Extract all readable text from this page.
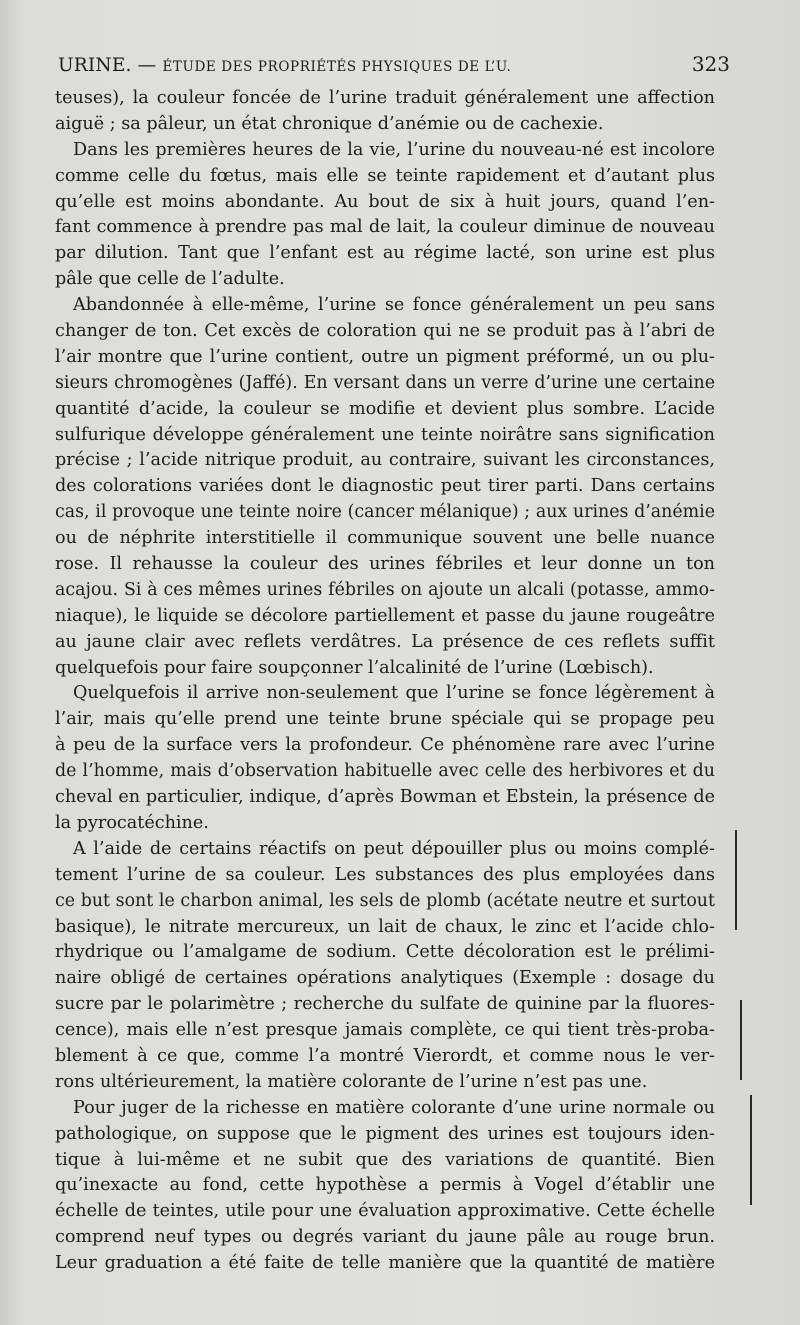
URINE. — ÉTUDE DES PROPRIÉTÉS PHYSIQUES DE L’U.	323
teuses), la couleur foncée de l’urine traduit généralement une affection
aiguë ; sa pâleur, un état chronique d’anémie ou de cachexie.
Dans les premières heures de la vie, l’urine du nouveau-né est incolore
comme celle du fœtus, mais elle se teinte rapidement et d’autant plus
qu’elle est moins abondante. Au bout de six à huit jours, quand l’en-
fant commence à prendre pas mal de lait, la couleur diminue de nouveau
par dilution. Tant que l’enfant est au régime lacté, son urine est plus
pâle que celle de l’adulte.
Abandonnée à elle-même, l’urine se fonce généralement un peu sans
changer de ton. Cet excès de coloration qui ne se produit pas à l’abri de
l’air montre que l’urine contient, outre un pigment préformé, un ou plu-
sieurs chromogènes (Jaffé). En versant dans un verre d’urine une certaine
quantité d’acide, la couleur se modifie et devient plus sombre. L’acide
sulfurique développe généralement une teinte noirâtre sans signification
précise ; l’acide nitrique produit, au contraire, suivant les circonstances,
des colorations variées dont le diagnostic peut tirer parti. Dans certains
cas, il provoque une teinte noire (cancer mélanique) ; aux urines d’anémie
ou de néphrite interstitielle il communique souvent une belle nuance
rose. Il rehausse la couleur des urines fébriles et leur donne un ton
acajou. Si à ces mêmes urines fébriles on ajoute un alcali (potasse, ammo-
niaque), le liquide se décolore partiellement et passe du jaune rougeâtre
au jaune clair avec reflets verdâtres. La présence de ces reflets suffit
quelquefois pour faire soupçonner l’alcalinité de l’urine (Lœbisch).
Quelquefois il arrive non-seulement que l’urine se fonce légèrement à
l’air, mais qu’elle prend une teinte brune spéciale qui se propage peu
à peu de la surface vers la profondeur. Ce phénomène rare avec l’urine
de l’homme, mais d’observation habituelle avec celle des herbivores et du
cheval en particulier, indique, d’après Bowman et Ebstein, la présence de
la pyrocatéchine.
A l’aide de certains réactifs on peut dépouiller plus ou moins complé-
tement l’urine de sa couleur. Les substances des plus employées dans
ce but sont le charbon animal, les sels de plomb (acétate neutre et surtout
basique), le nitrate mercureux, un lait de chaux, le zinc et l’acide chlo-
rhydrique ou l’amalgame de sodium. Cette décoloration est le prélimi-
naire obligé de certaines opérations analytiques (Exemple : dosage du
sucre par le polarimètre ; recherche du sulfate de quinine par la fluores-
cence), mais elle n’est presque jamais complète, ce qui tient très-proba-
blement à ce que, comme l’a montré Vierordt, et comme nous le ver-
rons ultérieurement, la matière colorante de l’urine n’est pas une.
Pour juger de la richesse en matière colorante d’une urine normale ou
pathologique, on suppose que le pigment des urines est toujours iden-
tique à lui-même et ne subit que des variations de quantité. Bien
qu’inexacte au fond, cette hypothèse a permis à Vogel d’établir une
échelle de teintes, utile pour une évaluation approximative. Cette échelle
comprend neuf types ou degrés variant du jaune pâle au rouge brun.
Leur graduation a été faite de telle manière que la quantité de matière
